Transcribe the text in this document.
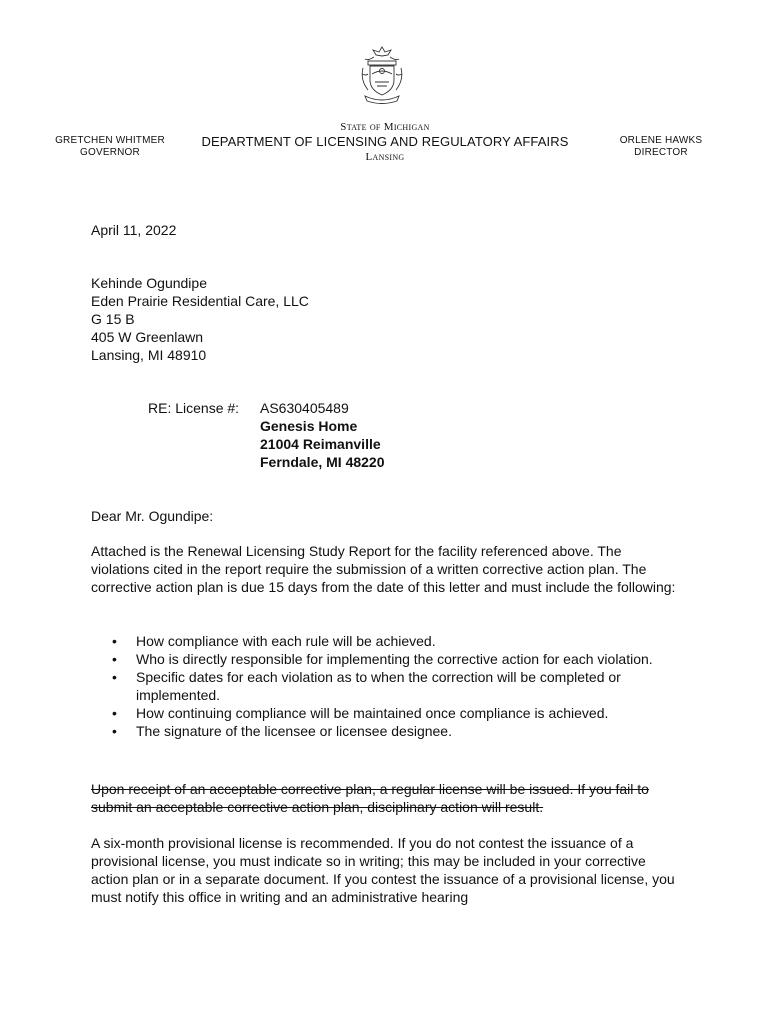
GRETCHEN WHITMER
GOVERNOR
State of Michigan
DEPARTMENT OF LICENSING AND REGULATORY AFFAIRS
Lansing
ORLENE HAWKS
DIRECTOR
April 11, 2022
Kehinde Ogundipe
Eden Prairie Residential Care, LLC
G 15 B
405 W Greenlawn
Lansing, MI 48910
RE: License #: AS630405489
Genesis Home
21004 Reimanville
Ferndale, MI 48220
Dear Mr. Ogundipe:
Attached is the Renewal Licensing Study Report for the facility referenced above. The violations cited in the report require the submission of a written corrective action plan. The corrective action plan is due 15 days from the date of this letter and must include the following:
• How compliance with each rule will be achieved.
• Who is directly responsible for implementing the corrective action for each violation.
• Specific dates for each violation as to when the correction will be completed or implemented.
• How continuing compliance will be maintained once compliance is achieved.
• The signature of the licensee or licensee designee.
Upon receipt of an acceptable corrective plan, a regular license will be issued. If you fail to submit an acceptable corrective action plan, disciplinary action will result.
A six-month provisional license is recommended. If you do not contest the issuance of a provisional license, you must indicate so in writing; this may be included in your corrective action plan or in a separate document. If you contest the issuance of a provisional license, you must notify this office in writing and an administrative hearing
